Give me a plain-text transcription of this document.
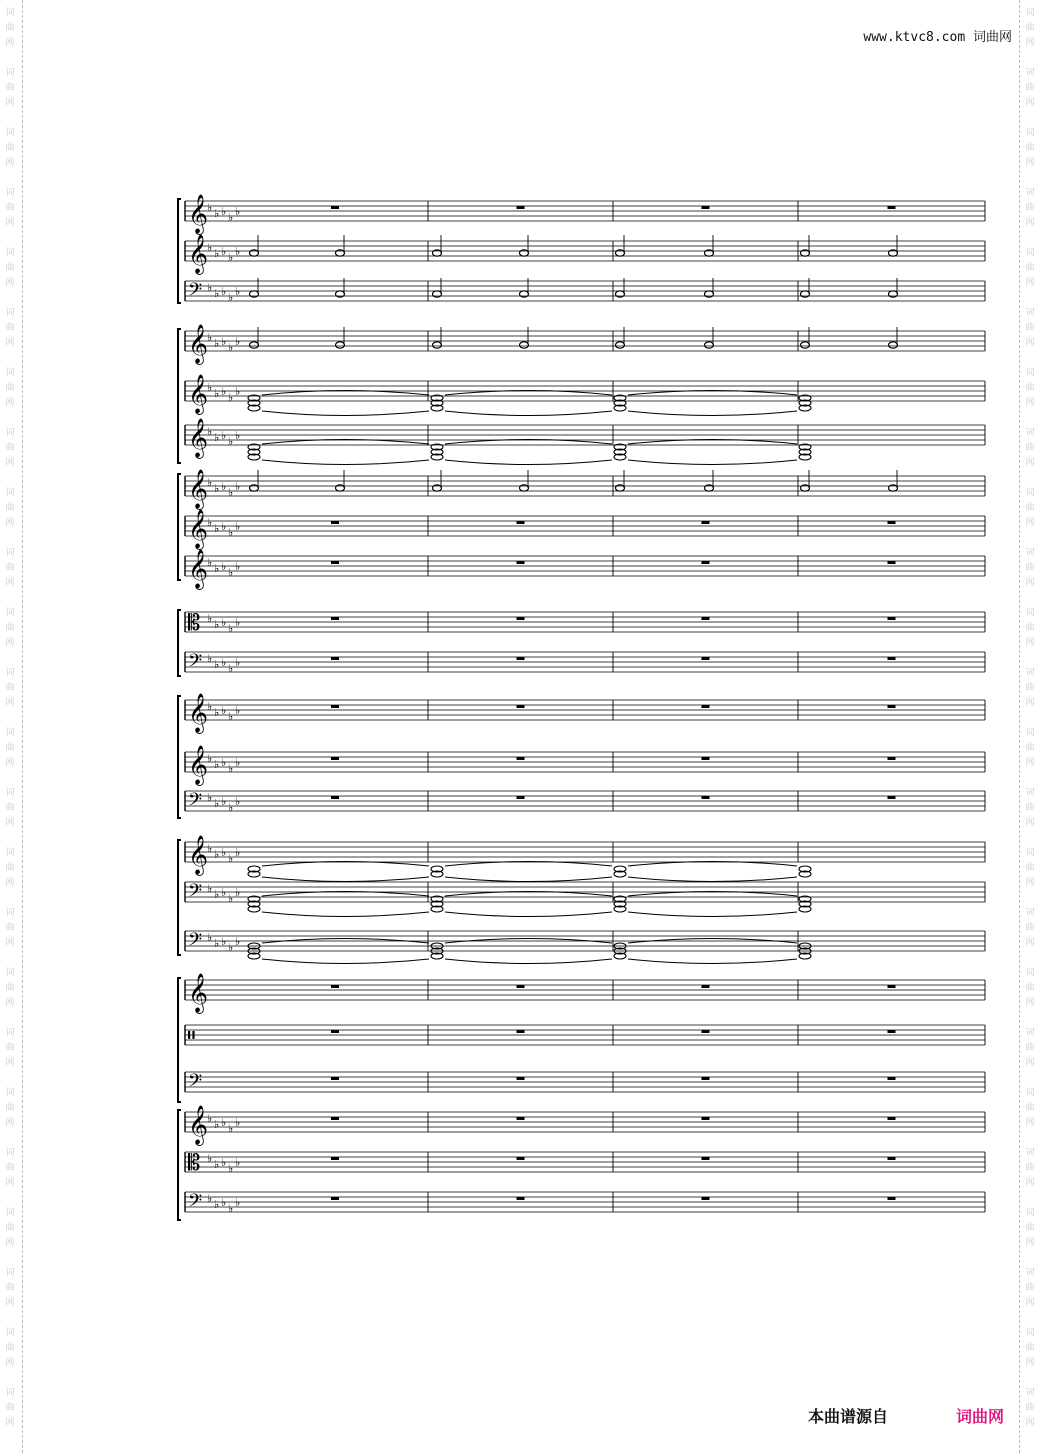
词
曲
网
词
曲
网
词
曲
网
词
曲
网
词
曲
网
词
曲
网
词
曲
网
词
曲
网
词
曲
网
词
曲
网
词
曲
网
词
曲
网
词
曲
网
词
曲
网
词
曲
网
词
曲
网
词
曲
网
词
曲
网
词
曲
网
词
曲
网
词
曲
网
词
曲
网
词
曲
网
词
曲
网
词
曲
网
词
曲
网
词
曲
网
词
曲
网
词
曲
网
词
曲
网
词
曲
网
词
曲
网
词
曲
网
词
曲
网
词
曲
网
词
曲
网
词
曲
网
词
曲
网
词
曲
网
词
曲
网
词
曲
网
词
曲
网
词
曲
网
词
曲
网
词
曲
网
词
曲
网
词
曲
网
词
曲
网
www.ktvc8.com 词曲网
𝄞
♭ ♭ ♭ ♭ ♭
𝄞
♭ ♭ ♭ ♭ ♭
𝄢 ♭ ♭ ♭ ♭ ♭
𝄞
♭ ♭ ♭ ♭ ♭
𝄞
♭ ♭ ♭ ♭ ♭
𝄞
♭ ♭ ♭ ♭ ♭
𝄞
♭ ♭ ♭ ♭ ♭
𝄞
♭ ♭ ♭ ♭ ♭
𝄞
♭ ♭ ♭ ♭ ♭
𝄡 ♭ ♭ ♭ ♭ ♭
𝄢 ♭ ♭ ♭ ♭ ♭
𝄞
♭ ♭ ♭ ♭ ♭
𝄞
♭ ♭ ♭ ♭ ♭
𝄢 ♭ ♭ ♭ ♭ ♭
𝄞
♭ ♭ ♭ ♭ ♭
𝄢 ♭ ♭ ♭ ♭ ♭
𝄢 ♭ ♭ ♭ ♭ ♭
𝄞
𝄥
𝄢
𝄞
♭ ♭ ♭ ♭ ♭
𝄡 ♭ ♭ ♭ ♭ ♭
𝄢 ♭ ♭ ♭ ♭ ♭
本曲谱源自	词曲网
